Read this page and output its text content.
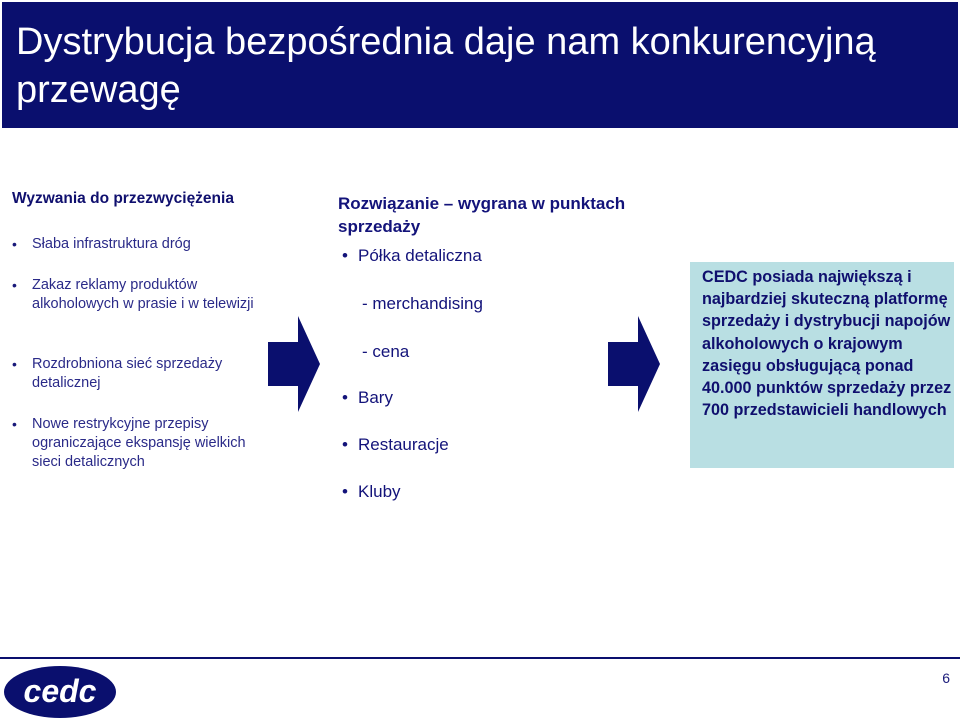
Dystrybucja bezpośrednia daje nam konkurencyjną przewagę
Wyzwania do przezwyciężenia
• Słaba infrastruktura dróg
• Zakaz reklamy produktów alkoholowych w prasie i w telewizji
• Rozdrobniona sieć sprzedaży detalicznej
• Nowe restrykcyjne przepisy ograniczające ekspansję wielkich sieci detalicznych
Rozwiązanie – wygrana w punktach sprzedaży
• Półka detaliczna
- merchandising
- cena
• Bary
• Restauracje
• Kluby
CEDC posiada największą i najbardziej skuteczną platformę sprzedaży i dystrybucji napojów alkoholowych o krajowym zasięgu obsługującą ponad 40.000 punktów sprzedaży przez 700 przedstawicieli handlowych
cedc	6
